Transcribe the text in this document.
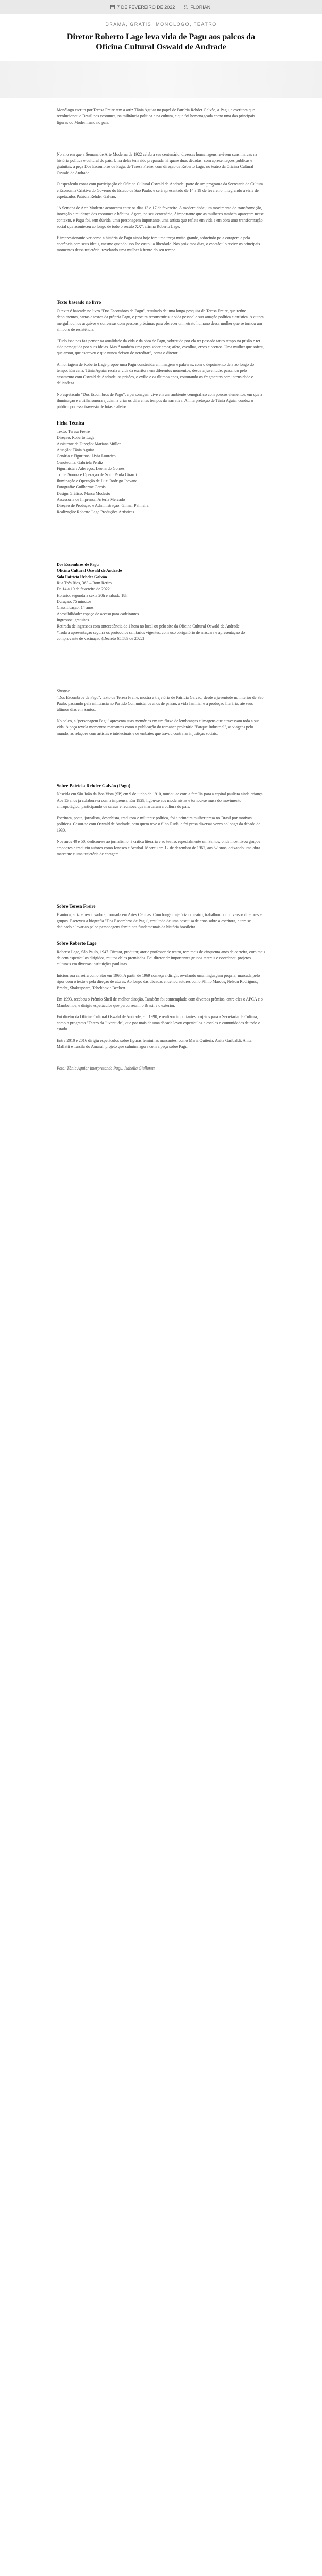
7 DE FEVEREIRO DE 2022	FLORIANI
DRAMA, GRATIS, MONOLOGO, TEATRO
Diretor Roberto Lage leva vida de Pagu aos palcos da Oficina Cultural Oswald de Andrade

Monólogo escrito por Teresa Freire tem a atriz Tânia Aguiar no papel de Patrícia Rehder Galvão, a Pagu, a escritora que revolucionou o Brasil nos costumes, na militância política e na cultura, e que foi homenageada como uma das principais figuras do Modernismo no país.

No ano em que a Semana de Arte Moderna de 1922 celebra seu centenário, diversas homenagens revivem suas marcas na história política e cultural do país. Uma delas tem sido preparada há quase duas décadas, com apresentações públicas e gratuitas: a peça Dos Escombros de Pagu, de Teresa Freire, com direção de Roberto Lage, no teatro da Oficina Cultural Oswald de Andrade.

O espetáculo conta com participação da Oficina Cultural Oswald de Andrade, parte de um programa da Secretaria de Cultura e Economia Criativa do Governo do Estado de São Paulo, e será apresentado de 14 a 19 de fevereiro, integrando a série de espetáculos Patrícia Rehder Galvão.

"A Semana de Arte Moderna aconteceu entre os dias 13 e 17 de fevereiro. A modernidade, um movimento de transformação, inovação e mudança dos costumes e hábitos. Agora, no seu centenário, é importante que as mulheres também apareçam nesse contexto, e Pagu foi, sem dúvida, uma personagem importante, uma artista que reflete em vida e em obra uma transformação social que aconteceu ao longo de todo o século XX", afirma Roberto Lage.

É impressionante ver como a história de Pagu ainda hoje tem uma força muito grande, sobretudo pela coragem e pela coerência com seus ideais, mesmo quando isso lhe custou a liberdade. Nos próximos dias, o espetáculo revive os principais momentos dessa trajetória, revelando uma mulher à frente do seu tempo.

Texto baseado no livro

O texto é baseado no livro "Dos Escombros de Pagu", resultado de uma longa pesquisa de Teresa Freire, que reúne depoimentos, cartas e textos da própria Pagu, e procura reconstruir sua vida pessoal e sua atuação política e artística. A autora mergulhou nos arquivos e conversas com pessoas próximas para oferecer um retrato humano dessa mulher que se tornou um símbolo de resistência.

"Tudo isso nos faz pensar na atualidade da vida e da obra de Pagu, sobretudo por ela ter passado tanto tempo na prisão e ter sido perseguida por suas ideias. Mas é também uma peça sobre amor, afeto, escolhas, erros e acertos. Uma mulher que sofreu, que amou, que escreveu e que nunca deixou de acreditar", conta o diretor.

A montagem de Roberto Lage propõe uma Pagu construída em imagens e palavras, com o depoimento dela ao longo do tempo. Em cena, Tânia Aguiar recria a vida da escritora em diferentes momentos, desde a juventude, passando pelo casamento com Oswald de Andrade, as prisões, o exílio e os últimos anos, costurando os fragmentos com intensidade e delicadeza.

No espetáculo "Dos Escombros de Pagu", a personagem vive em um ambiente cenográfico com poucos elementos, em que a iluminação e a trilha sonora ajudam a criar os diferentes tempos da narrativa. A interpretação de Tânia Aguiar conduz o público por essa travessia de lutas e afetos.

Ficha Técnica
Texto: Teresa Freire
Direção: Roberto Lage
Assistente de Direção: Mariana Müller
Atuação: Tânia Aguiar
Cenário e Figurinos: Lívia Loureiro
Cenotecnia: Gabriela Perdiz
Figurinista e Adereços: Leonardo Gomes
Trilha Sonora e Operação de Som: Paula Girardi
Iluminação e Operação de Luz: Rodrigo Jeovana
Fotografia: Guilherme Gerais
Design Gráfico: Marca Modesto
Assessoria de Imprensa: Arteria Mercado
Direção de Produção e Administração: Gilmar Palmeira
Realização: Roberto Lage Produções Artísticas
Dos Escombros de Pagu
Oficina Cultural Oswald de Andrade
Sala Patrícia Rehder Galvão
Rua Três Rios, 363 – Bom Retiro
De 14 a 19 de fevereiro de 2022
Horário: segunda a sexta 20h e sábado 18h
Duração: 75 minutos
Classificação: 14 anos
Acessibilidade: espaço de acesso para cadeirantes
Ingressos: gratuitos
Retirada de ingressos com antecedência de 1 hora no local ou pelo site da Oficina Cultural Oswald de Andrade
*Toda a apresentação seguirá os protocolos sanitários vigentes, com uso obrigatório de máscara e apresentação do comprovante de vacinação (Decreto 65.589 de 2022)
Sinopse

"Dos Escombros de Pagu", texto de Teresa Freire, mostra a trajetória de Patrícia Galvão, desde a juventude no interior de São Paulo, passando pela militância no Partido Comunista, os anos de prisão, a vida familiar e a produção literária, até seus últimos dias em Santos.

No palco, a "personagem Pagu" apresenta suas memórias em um fluxo de lembranças e imagens que atravessam toda a sua vida. A peça revela momentos marcantes como a publicação do romance proletário "Parque Industrial", as viagens pelo mundo, as relações com artistas e intelectuais e os embates que travou contra as injustiças sociais.

Sobre Patrícia Rehder Galvão (Pagu)

Nascida em São João da Boa Vista (SP) em 9 de junho de 1910, mudou-se com a família para a capital paulista ainda criança. Aos 15 anos já colaborava com a imprensa. Em 1929, ligou-se aos modernistas e tornou-se musa do movimento antropofágico, participando de saraus e reuniões que marcaram a cultura do país.

Escritora, poeta, jornalista, desenhista, tradutora e militante política, foi a primeira mulher presa no Brasil por motivos políticos. Casou-se com Oswald de Andrade, com quem teve o filho Rudá, e foi presa diversas vezes ao longo da década de 1930.

Nos anos 40 e 50, dedicou-se ao jornalismo, à crítica literária e ao teatro, especialmente em Santos, onde incentivou grupos amadores e traduziu autores como Ionesco e Arrabal. Morreu em 12 de dezembro de 1962, aos 52 anos, deixando uma obra marcante e uma trajetória de coragem.

Sobre Teresa Freire

É autora, atriz e pesquisadora, formada em Artes Cênicas. Com longa trajetória no teatro, trabalhou com diversos diretores e grupos. Escreveu a biografia "Dos Escombros de Pagu", resultado de uma pesquisa de anos sobre a escritora, e tem se dedicado a levar ao palco personagens femininas fundamentais da história brasileira.

Sobre Roberto Lage

Roberto Lage, São Paulo, 1947. Diretor, produtor, ator e professor de teatro, tem mais de cinquenta anos de carreira, com mais de cem espetáculos dirigidos, muitos deles premiados. Foi diretor de importantes grupos teatrais e coordenou projetos culturais em diversas instituições paulistas.

Iniciou sua carreira como ator em 1965. A partir de 1969 começa a dirigir, revelando uma linguagem própria, marcada pelo rigor com o texto e pela direção de atores. Ao longo das décadas encenou autores como Plínio Marcos, Nelson Rodrigues, Brecht, Shakespeare, Tchekhov e Beckett.

Em 1993, recebeu o Prêmio Shell de melhor direção. Também foi contemplado com diversos prêmios, entre eles o APCA e o Mambembe, e dirigiu espetáculos que percorreram o Brasil e o exterior.

Foi diretor da Oficina Cultural Oswald de Andrade, em 1990, e realizou importantes projetos para a Secretaria de Cultura, como o programa "Teatro da Juventude", que por mais de uma década levou espetáculos a escolas e comunidades de todo o estado.

Entre 2010 e 2016 dirigiu espetáculos sobre figuras femininas marcantes, como Maria Quitéria, Anita Garibaldi, Anita Malfatti e Tarsila do Amaral, projeto que culmina agora com a peça sobre Pagu.

Foto: Tânia Aguiar interpretando Pagu. Isabella Giullorett
